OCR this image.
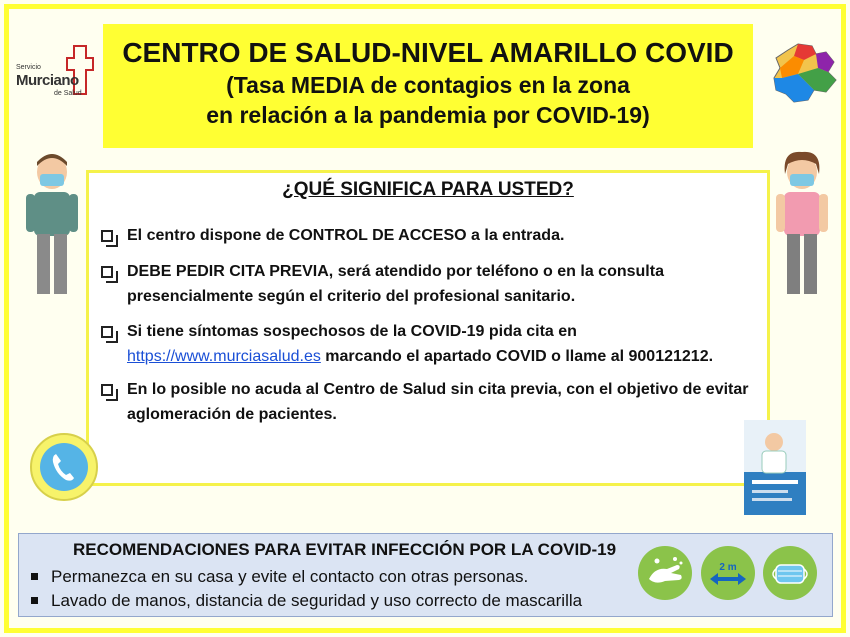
Servicio
Murciano
de Salud
CENTRO DE SALUD-NIVEL AMARILLO COVID
(Tasa MEDIA de contagios en la zona
en relación a la pandemia por COVID-19)
¿QUÉ SIGNIFICA PARA USTED?
El centro dispone de CONTROL DE ACCESO a la entrada.
DEBE PEDIR CITA PREVIA, será atendido por teléfono o en la consulta presencialmente según el criterio del profesional sanitario.
Si tiene síntomas sospechosos de la COVID-19 pida cita en https://www.murciasalud.es marcando el apartado COVID o llame al 900121212.
En lo posible no acuda al Centro de Salud sin cita previa, con el objetivo de evitar aglomeración de pacientes.
RECOMENDACIONES PARA EVITAR INFECCIÓN POR LA COVID-19
Permanezca en su casa y evite el contacto con otras personas.
Lavado de manos, distancia de seguridad y uso correcto de mascarilla
2 m
